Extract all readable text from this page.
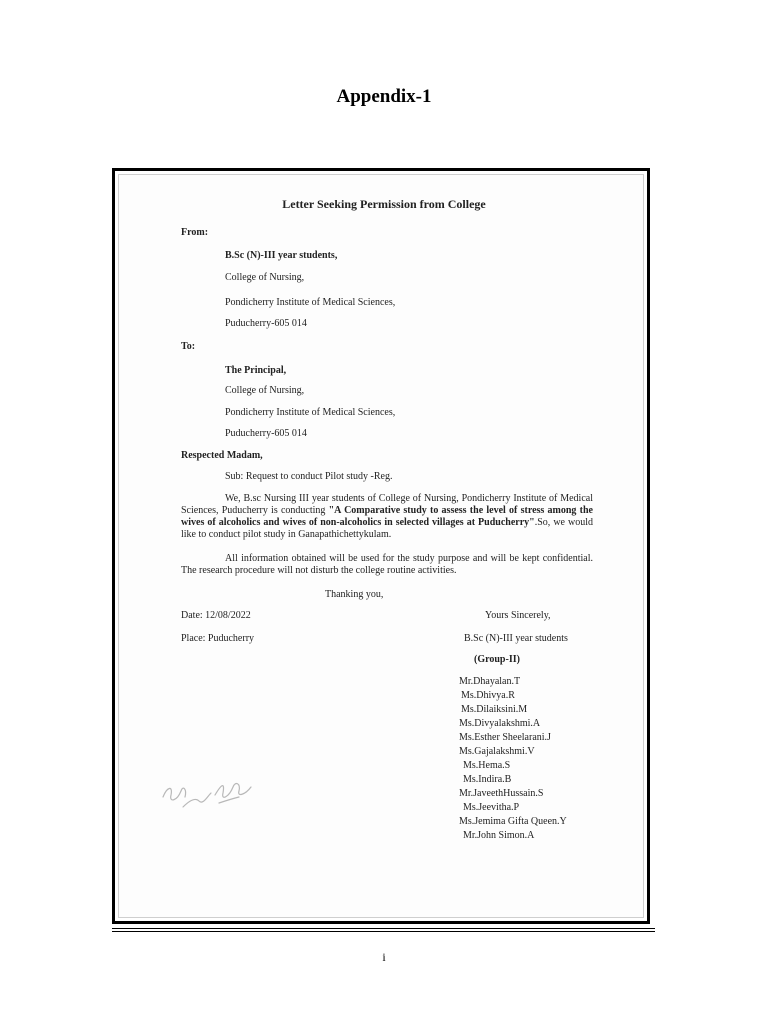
Appendix-1
Letter Seeking Permission from College
From:
B.Sc (N)-III year students,
College of Nursing,
Pondicherry Institute of Medical Sciences,
Puducherry-605 014
To:
The Principal,
College of Nursing,
Pondicherry Institute of Medical Sciences,
Puducherry-605 014
Respected Madam,
Sub: Request to conduct Pilot study -Reg.
We, B.sc Nursing III year students of College of Nursing, Pondicherry Institute of Medical Sciences, Puducherry is conducting "A Comparative study to assess the level of stress among the wives of alcoholics and wives of non-alcoholics in selected villages at Puducherry".So, we would like to conduct pilot study in Ganapathichettykulam.
All information obtained will be used for the study purpose and will be kept confidential. The research procedure will not disturb the college routine activities.
Thanking you,
Date: 12/08/2022
Place: Puducherry
Yours Sincerely,
B.Sc (N)-III year students
(Group-II)
Mr.Dhayalan.T
Ms.Dhivya.R
Ms.Dilaiksini.M
Ms.Divyalakshmi.A
Ms.Esther Sheelarani.J
Ms.Gajalakshmi.V
Ms.Hema.S
Ms.Indira.B
Mr.JaveethHussain.S
Ms.Jeevitha.P
Ms.Jemima Gifta Queen.Y
Mr.John Simon.A
i
